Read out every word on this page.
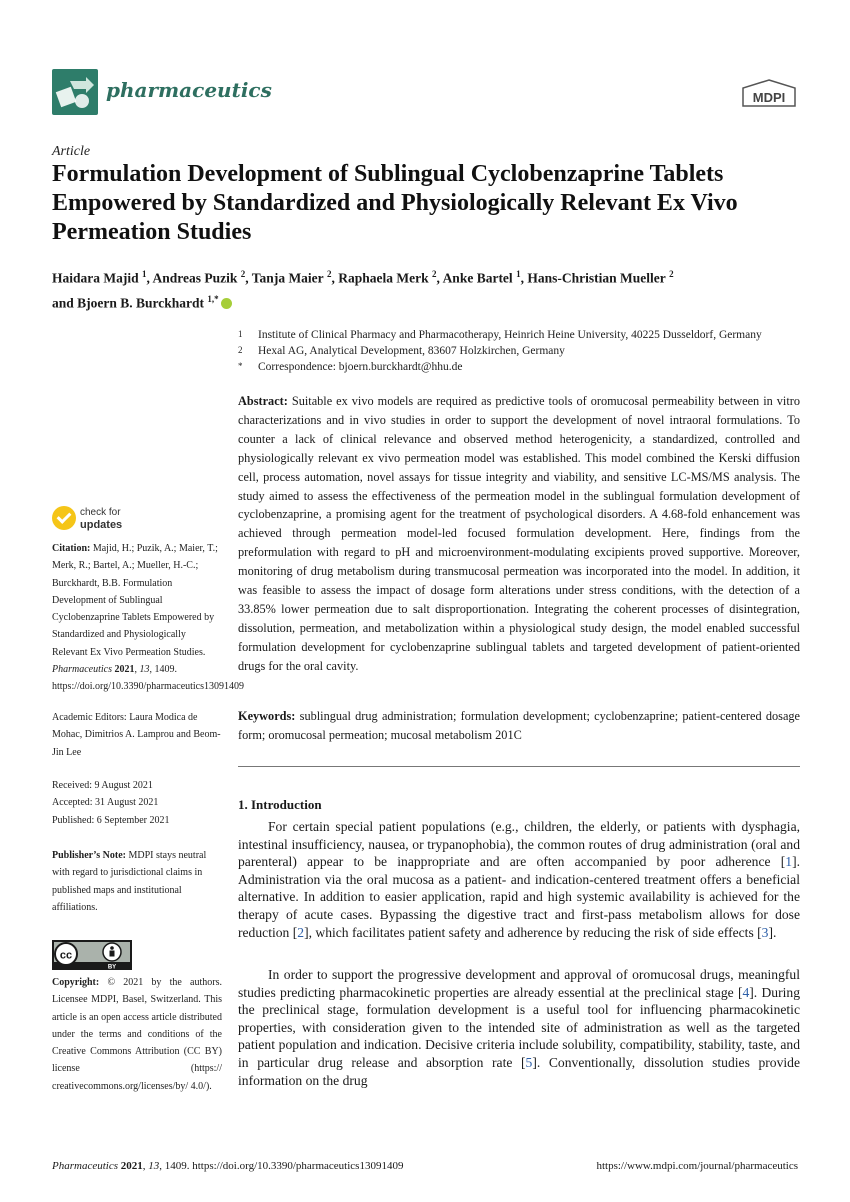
pharmaceutics	MDPI
Article
Formulation Development of Sublingual Cyclobenzaprine Tablets Empowered by Standardized and Physiologically Relevant Ex Vivo Permeation Studies
Haidara Majid $^1$, Andreas Puzik $^2$, Tanja Maier $^2$, Raphaela Merk $^2$, Anke Bartel $^1$, Hans-Christian Mueller $^2$
and Bjoern B. Burckhardt $^{1,*}$
1 Institute of Clinical Pharmacy and Pharmacotherapy, Heinrich Heine University, 40225 Dusseldorf, Germany
2 Hexal AG, Analytical Development, 83607 Holzkirchen, Germany
* Correspondence: bjoern.burckhardt@hhu.de
Abstract: Suitable ex vivo models are required as predictive tools of oromucosal permeability between in vitro characterizations and in vivo studies in order to support the development of novel intraoral formulations. To counter a lack of clinical relevance and observed method heterogenicity, a standardized, controlled and physiologically relevant ex vivo permeation model was established. This model combined the Kerski diffusion cell, process automation, novel assays for tissue integrity and viability, and sensitive LC-MS/MS analysis. The study aimed to assess the effectiveness of the permeation model in the sublingual formulation development of cyclobenzaprine, a promising agent for the treatment of psychological disorders. A 4.68-fold enhancement was achieved through permeation model-led focused formulation development. Here, findings from the preformulation with regard to pH and microenvironment-modulating excipients proved supportive. Moreover, monitoring of drug metabolism during transmucosal permeation was incorporated into the model. In addition, it was feasible to assess the impact of dosage form alterations under stress conditions, with the detection of a 33.85% lower permeation due to salt disproportionation. Integrating the coherent processes of disintegration, dissolution, permeation, and metabolization within a physiological study design, the model enabled successful formulation development for cyclobenzaprine sublingual tablets and targeted development of patient-oriented drugs for the oral cavity.
Keywords: sublingual drug administration; formulation development; cyclobenzaprine; patient-centered dosage form; oromucosal permeation; mucosal metabolism 201C
1. Introduction
For certain special patient populations (e.g., children, the elderly, or patients with dysphagia, intestinal insufficiency, nausea, or trypanophobia), the common routes of drug administration (oral and parenteral) appear to be inappropriate and are often accompanied by poor adherence [1]. Administration via the oral mucosa as a patient- and indication-centered treatment offers a beneficial alternative. In addition to easier application, rapid and high systemic availability is achieved for the therapy of acute cases. Bypassing the digestive tract and first-pass metabolism allows for dose reduction [2], which facilitates patient safety and adherence by reducing the risk of side effects [3].
In order to support the progressive development and approval of oromucosal drugs, meaningful studies predicting pharmacokinetic properties are already essential at the preclinical stage [4]. During the preclinical stage, formulation development is a useful tool for influencing pharmacokinetic properties, with consideration given to the intended site of administration as well as the targeted patient population and indication. Decisive criteria include solubility, compatibility, stability, taste, and in particular drug release and absorption rate [5]. Conventionally, dissolution studies provide information on the drug
check for
updates
Citation: Majid, H.; Puzik, A.; Maier, T.; Merk, R.; Bartel, A.; Mueller, H.-C.; Burckhardt, B.B. Formulation Development of Sublingual Cyclobenzaprine Tablets Empowered by Standardized and Physiologically Relevant Ex Vivo Permeation Studies. Pharmaceutics 2021, 13, 1409. https://doi.org/10.3390/pharmaceutics13091409
Academic Editors: Laura Modica de Mohac, Dimitrios A. Lamprou and Beom-Jin Lee
Received: 9 August 2021
Accepted: 31 August 2021
Published: 6 September 2021
Publisher’s Note: MDPI stays neutral with regard to jurisdictional claims in published maps and institutional affiliations.
cc
BY
Copyright: © 2021 by the authors. Licensee MDPI, Basel, Switzerland. This article is an open access article distributed under the terms and conditions of the Creative Commons Attribution (CC BY) license (https:// creativecommons.org/licenses/by/ 4.0/).
Pharmaceutics 2021, 13, 1409. https://doi.org/10.3390/pharmaceutics13091409	https://www.mdpi.com/journal/pharmaceutics
